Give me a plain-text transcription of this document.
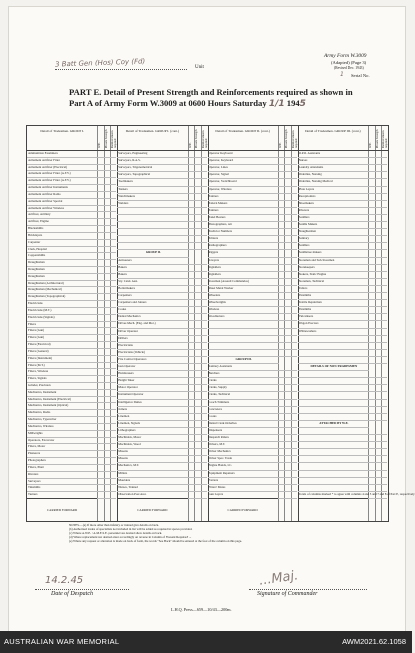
3 Batt Gen (Hos) Coy (Fd)	Unit
Army Form W.3009
(Adapted) (Page 3)
(Revised Dec. 1943)
1 Serial No.
PART E. Detail of Present Strength and Reinforcements required as shown in
Part A of Army Form W.3009 at 0600 Hours Saturday 1/1 1945
Detail of Tradesmen. GROUP I.
W.E. Present Strength Reinforcements required
Ammunition Examiners
Armament Artificer Fitter
Armament Artificer (Electrical)
Armament Artificer Fitter (A.F.V.)
Armament Artificer Fitter (A.F.V.)
Armament Artificer Instruments
Armament Artificer Radio
Armament Artificer Special
Armament Artificer Wireless
Artificer, Artillery
Artificer, Engine
Blacksmiths
Bricklayers
Carpenter
Clerk, Hospital
Coppersmiths
Draughtsman
Draughtsmen
Draughtsmen
Draughtsmen (Architectural)
Draughtsmen (Mechanical)
Draughtsmen (Topographical)
Electricians
Electricians (M.T.)
Electricians (Signals)
Fitters
Fitters (Gun)
Fitters (Gun)
Fitters (Electrical)
Fitters (General)
Fitters (Instrument)
Fitters (M.T.)
Fitters, Wireless
Fitters, Signals
Grinder, Precision
Mechanics, Instrument
Mechanics, Instrument (Electrical)
Mechanics, Instrument (Optical)
Mechanics, Radio
Mechanics, Typewriter
Mechanics, Wireless
Millwrights
Operators, Excavator
Fitters, Motor
Plasterers
Photographers
Fitters, Plant
Riveters
Surveyors
Tinsmiths
Turners
CARRIED FORWARD
Detail of Tradesmen. GROUP I. (cont.)
W.E. Present Strength Reinforcements required
Surveyors, Engineering
Surveyors, R.A.S.
Surveyors, Trigonometrical
Surveyors, Topographical
Toolmakers
Turners
Watchmakers
Welders
GROUP II.
Armourers
Bakers
Bakers
Sty. Cand. Asst.
Boilermakers
Carpenters
Carpenters and Joiners
Cooks
Dental Mechanics
Driver-Mech. (Eng. and Mot.)
Driver Operator
Drillers
Electricians
Electricians (Vehicle)
Fire Control Operators
Gun Operator
Hairdressers
Height Taker
Motor Operator
Instrument Operator
Intelligence Duties
Joiners
Linemen
Linemen, Signals
Lithographers
Machinists, Motor
Machinists, Wood
Masons
Masons
Mechanics, M.T.
Millers
Moulders
Nurses, Trained
Observation Post Asst.
CARRIED FORWARD
Detail of Tradesmen. GROUP II. (cont.)
W.E. Present Strength Reinforcements required
Operator Keyboard
Operator, Keyboard
Operator, Lines
Operator, Signal
Operator, Switchboard
Operator, Wireless
Painters
Pattern Makers
Painters
Panel Beaters
Photographers, Air
Predictor Numbers
Printers
Radiographers
Riggers
Sawyers
Signallers
Signallers
Storeman (Assault Commandos)
Sheet Metal Worker
Wheelers
Wheelwrights
Wireless
Woodturners
GROUP III.
Sanitary Assistants
Butchers
Clerks
Clerks, Supply
Clerks, Technical
Coach Trimmers
Concreters
Cooks
Dental Clerk Orderlies
Dispensers
Despatch Riders
Drivers, M.T.
Driver Mechanics
Driver Spec. Trade
Engine Hands, I.C.
Equipment Repairers
Farriers
Fitters' Mates
Gun Layers
CARRIED FORWARD
Detail of Tradesmen. GROUP III. (cont.)
W.E. Present Strength Reinforcements required
O.P.O. Assistants
Nurses
Laundry Attendants
Orderlies, Nursing
Orderlies, Nursing Medical
Plate Layers
Receptionists
Shoemakers
Riveters
Saddlers
Saddle Makers
Slaughtermen
Sanitary
Saddlers
Saddletree makers
Storemen and Sub-Storemen
Storekeepers
Stokers, Static Engine
Storemen, Technical
Tailors
Tinsmiths
Textile Repairmen
Tinsmiths
Vulcanisers
Wagon Erectors
Whitewashers
DETAILS OF NON-TRADESMEN
ATTACHED BY W.E.
Totals of columns marked * to agree with columns 4 and 5 and 7 and 8 of Part E, respectively
NOTES.—(a) If more other than infantry or trained give details on back.
(b) Authorised trades of specialists not included in list will be added as required in spaces provided.
(c) Where A.W.E. / A.M.E.S.E. personnel are desired show details on back.
(d) Where replacement not desired enter accordingly on reverse in Column of 'Present Required' ...
(e) Where any request or alteration is made on back of form, the words "See Back" should be entered at the foot of the column on this page.
14.2.45
Date of Despatch
...Maj.
Signature of Commander
L.H.Q. Press—659—10/43—200m.
AUSTRALIAN WAR MEMORIAL	AWM2021.62.1058
